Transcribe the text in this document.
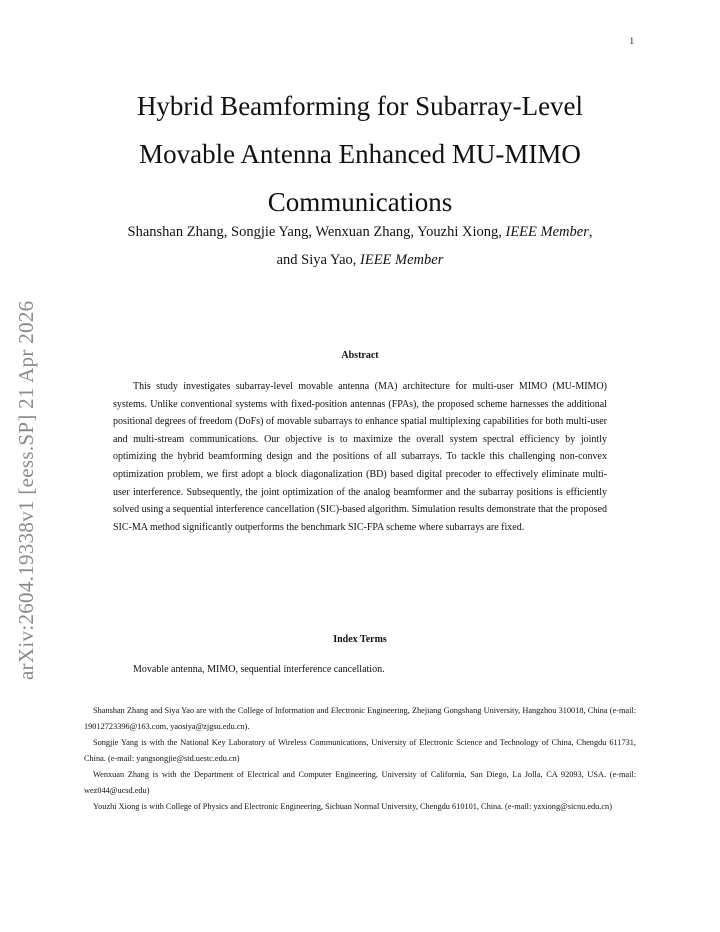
1
arXiv:2604.19338v1 [eess.SP] 21 Apr 2026
Hybrid Beamforming for Subarray-Level
Movable Antenna Enhanced MU-MIMO
Communications
Shanshan Zhang, Songjie Yang, Wenxuan Zhang, Youzhi Xiong, IEEE Member,
and Siya Yao, IEEE Member
Abstract

This study investigates subarray-level movable antenna (MA) architecture for multi-user MIMO (MU-MIMO) systems. Unlike conventional systems with fixed-position antennas (FPAs), the proposed scheme harnesses the additional positional degrees of freedom (DoFs) of movable subarrays to enhance spatial multiplexing capabilities for both multi-user and multi-stream communications. Our objective is to maximize the overall system spectral efficiency by jointly optimizing the hybrid beamforming design and the positions of all subarrays. To tackle this challenging non-convex optimization problem, we first adopt a block diagonalization (BD) based digital precoder to effectively eliminate multi-user interference. Subsequently, the joint optimization of the analog beamformer and the subarray positions is efficiently solved using a sequential interference cancellation (SIC)-based algorithm. Simulation results demonstrate that the proposed SIC-MA method significantly outperforms the benchmark SIC-FPA scheme where subarrays are fixed.

Index Terms

Movable antenna, MIMO, sequential interference cancellation.

Shanshan Zhang and Siya Yao are with the College of Information and Electronic Engineering, Zhejiang Gongshang University, Hangzhou 310018, China (e-mail: 19012723396@163.com, yaosiya@zjgsu.edu.cn).

Songjie Yang is with the National Key Laboratory of Wireless Communications, University of Electronic Science and Technology of China, Chengdu 611731, China. (e-mail: yangsongjie@std.uestc.edu.cn)

Wenxuan Zhang is with the Department of Electrical and Computer Engineering, University of California, San Diego, La Jolla, CA 92093, USA. (e-mail: wez044@ucsd.edu)

Youzhi Xiong is with College of Physics and Electronic Engineering, Sichuan Normal University, Chengdu 610101, China. (e-mail: yzxiong@sicnu.edu.cn)
